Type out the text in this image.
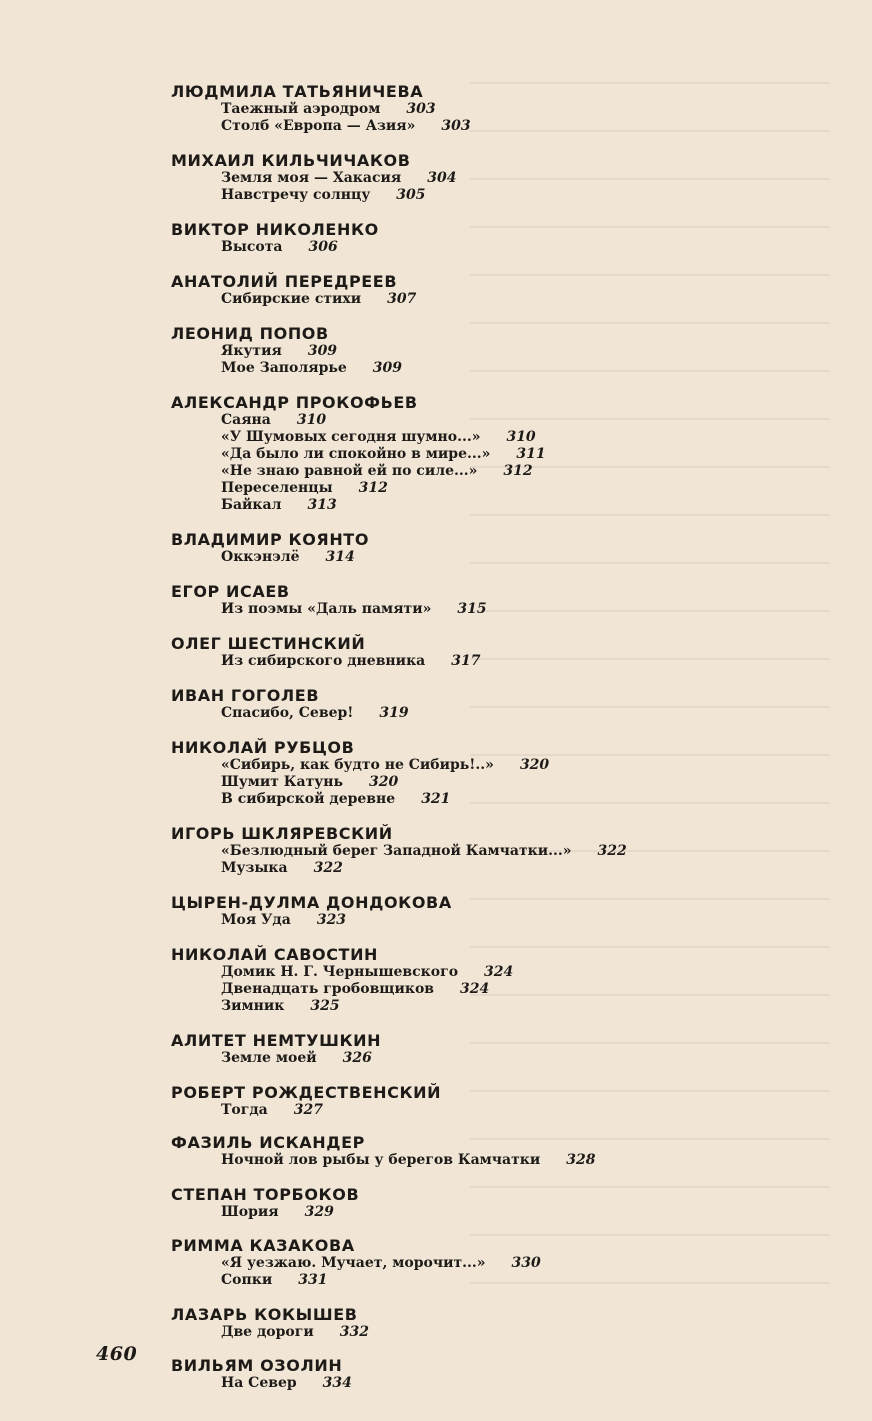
ЛЮДМИЛА ТАТЬЯНИЧЕВА
Таежный аэродром 303
Столб «Европа — Азия» 303
МИХАИЛ КИЛЬЧИЧАКОВ
Земля моя — Хакасия 304
Навстречу солнцу 305
ВИКТОР НИКОЛЕНКО
Высота 306
АНАТОЛИЙ ПЕРЕДРЕЕВ
Сибирские стихи 307
ЛЕОНИД ПОПОВ
Якутия 309
Мое Заполярье 309
АЛЕКСАНДР ПРОКОФЬЕВ
Саяна 310
«У Шумовых сегодня шумно...» 310
«Да было ли спокойно в мире...» 311
«Не знаю равной ей по силе...» 312
Переселенцы 312
Байкал 313
ВЛАДИМИР КОЯНТО
Оккэнэлё 314
ЕГОР ИСАЕВ
Из поэмы «Даль памяти» 315
ОЛЕГ ШЕСТИНСКИЙ
Из сибирского дневника 317
ИВАН ГОГОЛЕВ
Спасибо, Север! 319
НИКОЛАЙ РУБЦОВ
«Сибирь, как будто не Сибирь!..» 320
Шумит Катунь 320
В сибирской деревне 321
ИГОРЬ ШКЛЯРЕВСКИЙ
«Безлюдный берег Западной Камчатки...» 322
Музыка 322
ЦЫРЕН-ДУЛМА ДОНДОКОВА
Моя Уда 323
НИКОЛАЙ САВОСТИН
Домик Н. Г. Чернышевского 324
Двенадцать гробовщиков 324
Зимник 325
АЛИТЕТ НЕМТУШКИН
Земле моей 326
РОБЕРТ РОЖДЕСТВЕНСКИЙ
Тогда 327
ФАЗИЛЬ ИСКАНДЕР
Ночной лов рыбы у берегов Камчатки 328
СТЕПАН ТОРБОКОВ
Шория 329
РИММА КАЗАКОВА
«Я уезжаю. Мучает, морочит...» 330
Сопки 331
ЛАЗАРЬ КОКЫШЕВ
Две дороги 332
ВИЛЬЯМ ОЗОЛИН
На Север 334
460
